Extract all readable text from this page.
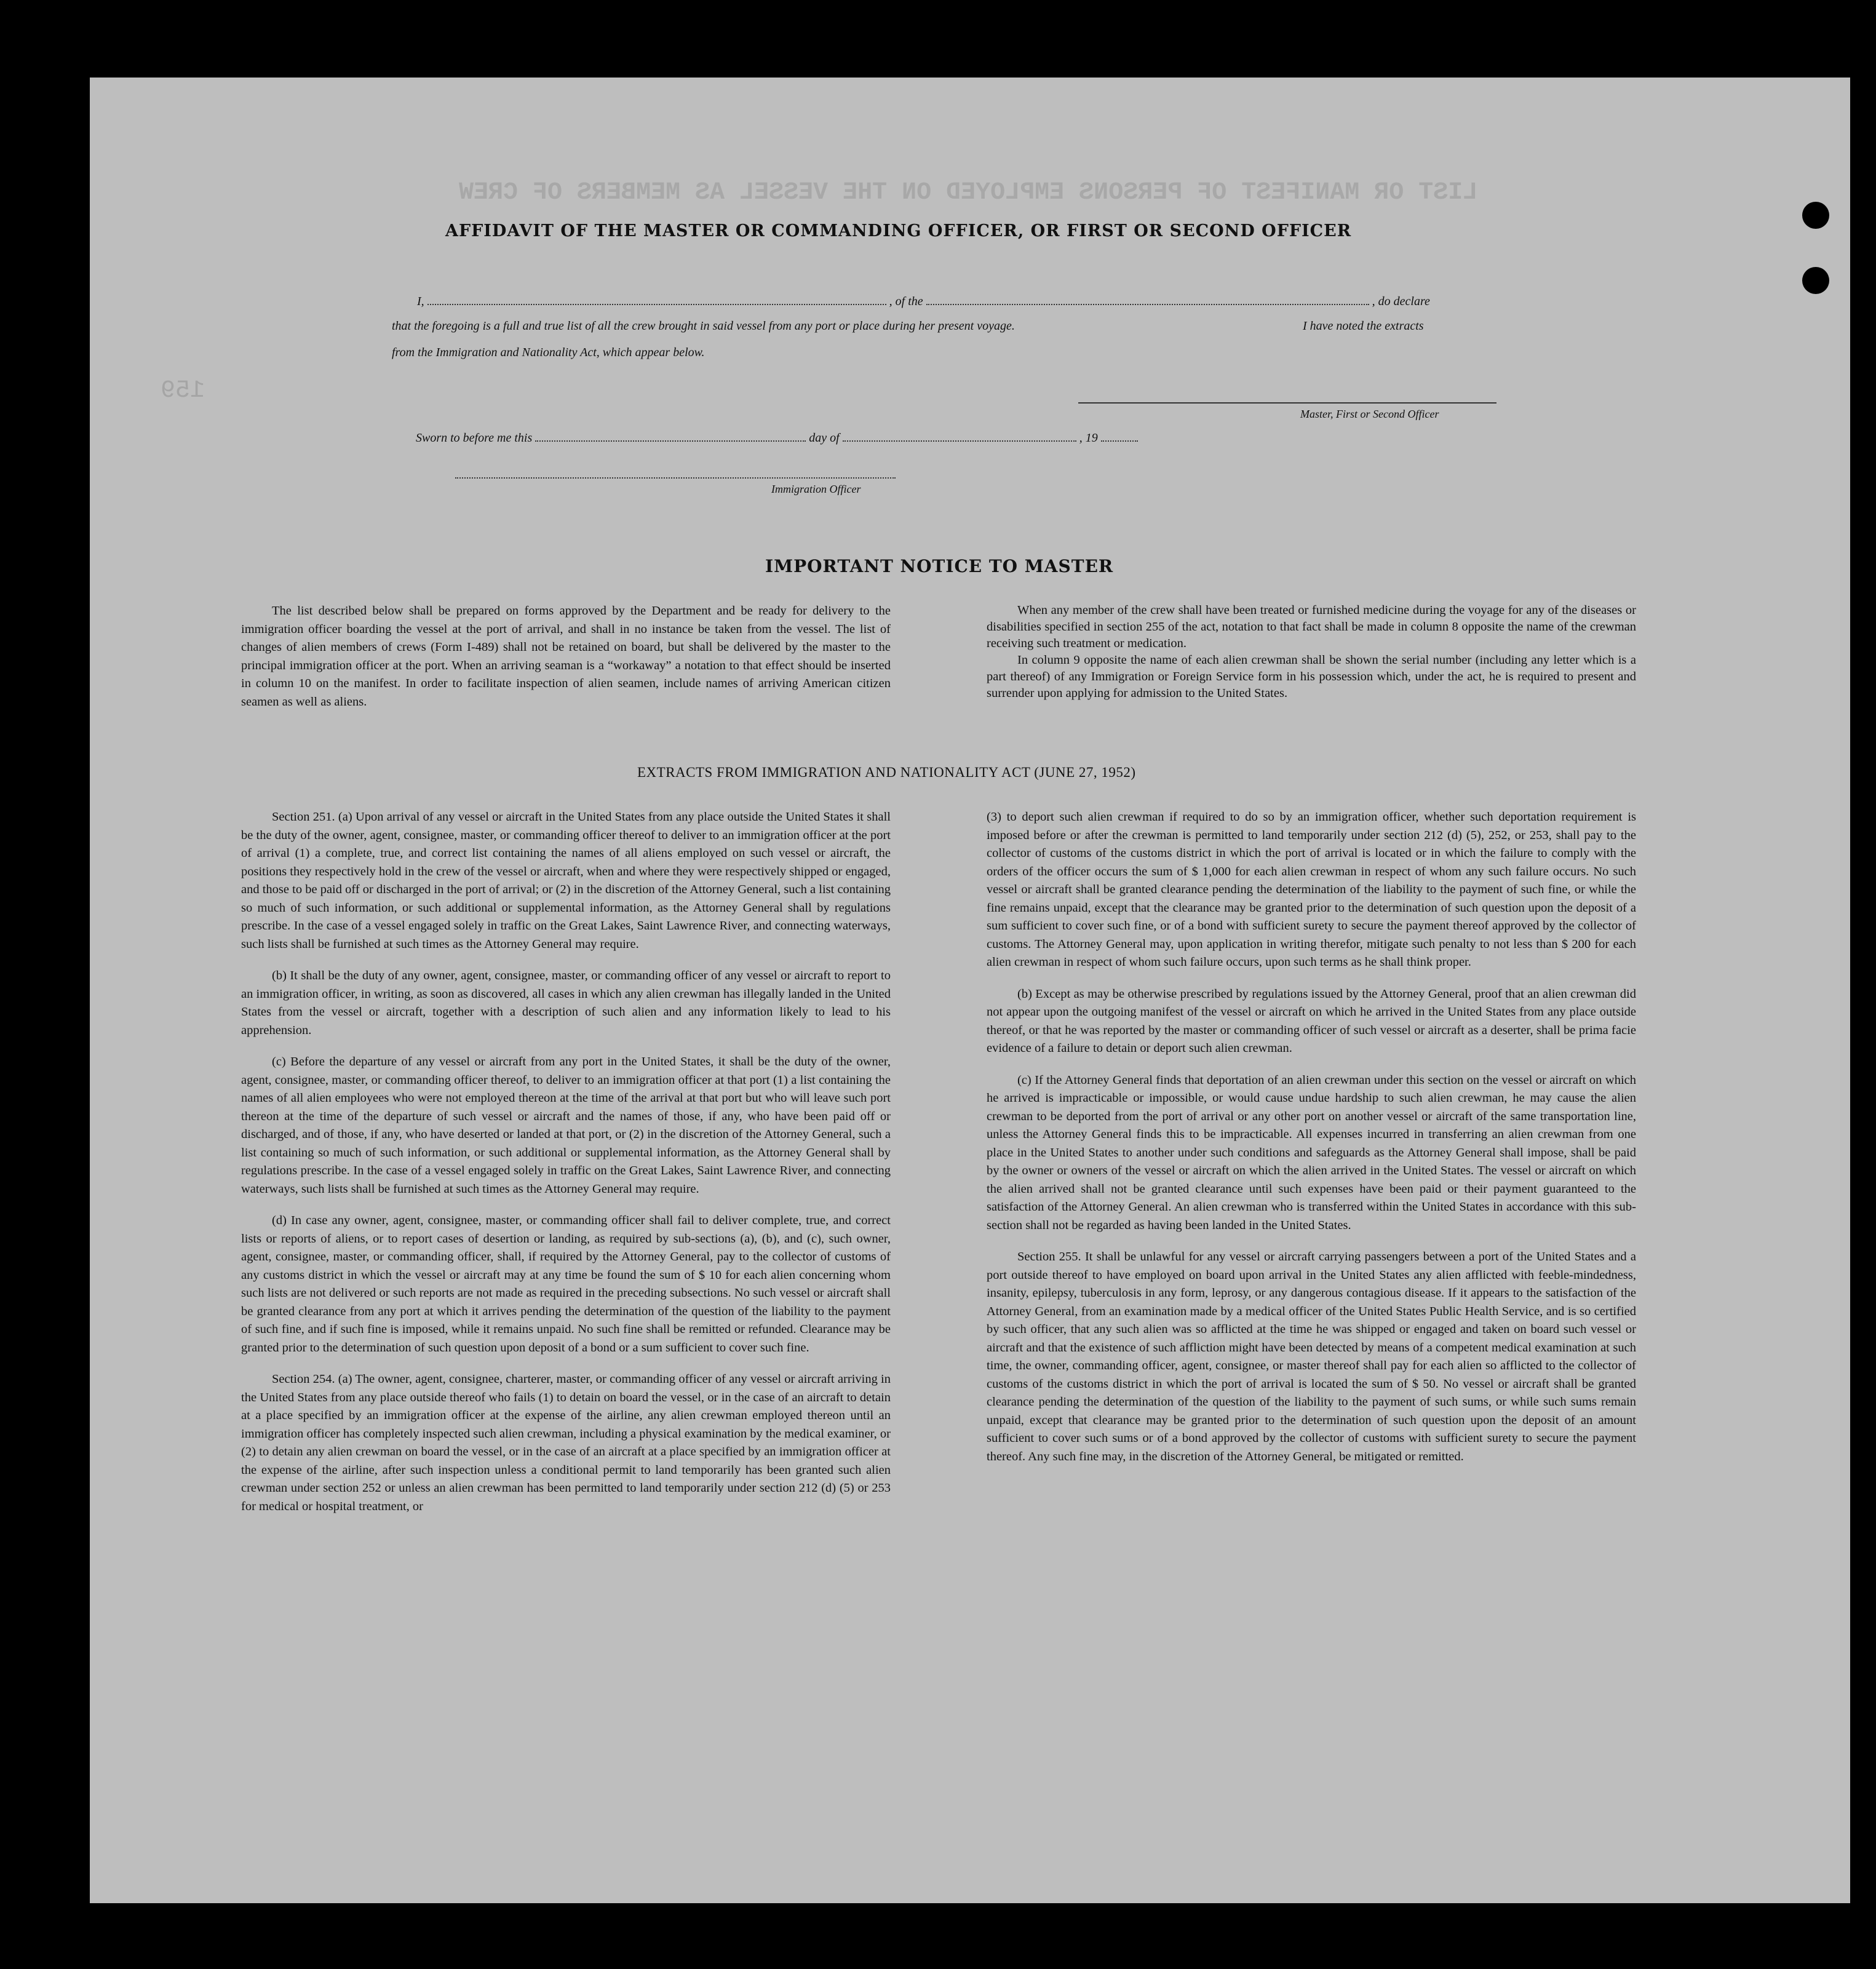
LIST OR MANIFEST OF PERSONS EMPLOYED ON THE VESSEL AS MEMBERS OF CREW
159
AFFIDAVIT OF THE MASTER OR COMMANDING OFFICER, OR FIRST OR SECOND OFFICER
I,	, of the	, do declare
that the foregoing is a full and true list of all the crew brought in said vessel from any port or place during her present voyage.	I have noted the extracts
from the Immigration and Nationality Act, which appear below.
Master, First or Second Officer
Sworn to before me this	day of	, 19
Immigration Officer
IMPORTANT NOTICE TO MASTER

The list described below shall be prepared on forms approved by the Department and be ready for delivery to the immigration officer boarding the vessel at the port of arrival, and shall in no instance be taken from the vessel. The list of changes of alien members of crews (Form I-489) shall not be retained on board, but shall be delivered by the master to the principal immigration officer at the port. When an arriving seaman is a “workaway” a notation to that effect should be inserted in column 10 on the manifest. In order to facilitate inspection of alien seamen, include names of arriving American citizen seamen as well as aliens.

When any member of the crew shall have been treated or furnished medicine during the voyage for any of the diseases or disabilities specified in section 255 of the act, notation to that fact shall be made in column 8 opposite the name of the crewman receiving such treatment or medication.

In column 9 opposite the name of each alien crewman shall be shown the serial number (including any letter which is a part thereof) of any Immigration or Foreign Service form in his possession which, under the act, he is required to present and surrender upon applying for admission to the United States.

EXTRACTS FROM IMMIGRATION AND NATIONALITY ACT (JUNE 27, 1952)

Section 251. (a) Upon arrival of any vessel or aircraft in the United States from any place outside the United States it shall be the duty of the owner, agent, consignee, master, or commanding officer thereof to deliver to an immigration officer at the port of arrival (1) a complete, true, and correct list containing the names of all aliens employed on such vessel or aircraft, the positions they respectively hold in the crew of the vessel or aircraft, when and where they were respectively shipped or engaged, and those to be paid off or discharged in the port of arrival; or (2) in the discretion of the Attorney General, such a list containing so much of such information, or such additional or supplemental information, as the Attorney General shall by regulations prescribe. In the case of a vessel engaged solely in traffic on the Great Lakes, Saint Lawrence River, and connecting waterways, such lists shall be furnished at such times as the Attorney General may require.

(b) It shall be the duty of any owner, agent, consignee, master, or commanding officer of any vessel or aircraft to report to an immigration officer, in writing, as soon as discovered, all cases in which any alien crewman has illegally landed in the United States from the vessel or aircraft, together with a description of such alien and any information likely to lead to his apprehension.

(c) Before the departure of any vessel or aircraft from any port in the United States, it shall be the duty of the owner, agent, consignee, master, or commanding officer thereof, to deliver to an immigration officer at that port (1) a list containing the names of all alien employees who were not employed thereon at the time of the arrival at that port but who will leave such port thereon at the time of the departure of such vessel or aircraft and the names of those, if any, who have been paid off or discharged, and of those, if any, who have deserted or landed at that port, or (2) in the discretion of the Attorney General, such a list containing so much of such information, or such additional or supplemental information, as the Attorney General shall by regulations prescribe. In the case of a vessel engaged solely in traffic on the Great Lakes, Saint Lawrence River, and connecting waterways, such lists shall be furnished at such times as the Attorney General may require.

(d) In case any owner, agent, consignee, master, or commanding officer shall fail to deliver complete, true, and correct lists or reports of aliens, or to report cases of desertion or landing, as required by sub-sections (a), (b), and (c), such owner, agent, consignee, master, or commanding officer, shall, if required by the Attorney General, pay to the collector of customs of any customs district in which the vessel or aircraft may at any time be found the sum of $ 10 for each alien concerning whom such lists are not delivered or such reports are not made as required in the preceding subsections. No such vessel or aircraft shall be granted clearance from any port at which it arrives pending the determination of the question of the liability to the payment of such fine, and if such fine is imposed, while it remains unpaid. No such fine shall be remitted or refunded. Clearance may be granted prior to the determination of such question upon deposit of a bond or a sum sufficient to cover such fine.

Section 254. (a) The owner, agent, consignee, charterer, master, or commanding officer of any vessel or aircraft arriving in the United States from any place outside thereof who fails (1) to detain on board the vessel, or in the case of an aircraft to detain at a place specified by an immigration officer at the expense of the airline, any alien crewman employed thereon until an immigration officer has completely inspected such alien crewman, including a physical examination by the medical examiner, or (2) to detain any alien crewman on board the vessel, or in the case of an aircraft at a place specified by an immigration officer at the expense of the airline, after such inspection unless a conditional permit to land temporarily has been granted such alien crewman under section 252 or unless an alien crewman has been permitted to land temporarily under section 212 (d) (5) or 253 for medical or hospital treatment, or

(3) to deport such alien crewman if required to do so by an immigration officer, whether such deportation requirement is imposed before or after the crewman is permitted to land temporarily under section 212 (d) (5), 252, or 253, shall pay to the collector of customs of the customs district in which the port of arrival is located or in which the failure to comply with the orders of the officer occurs the sum of $ 1,000 for each alien crewman in respect of whom any such failure occurs. No such vessel or aircraft shall be granted clearance pending the determination of the liability to the payment of such fine, or while the fine remains unpaid, except that the clearance may be granted prior to the determination of such question upon the deposit of a sum sufficient to cover such fine, or of a bond with sufficient surety to secure the payment thereof approved by the collector of customs. The Attorney General may, upon application in writing therefor, mitigate such penalty to not less than $ 200 for each alien crewman in respect of whom such failure occurs, upon such terms as he shall think proper.

(b) Except as may be otherwise prescribed by regulations issued by the Attorney General, proof that an alien crewman did not appear upon the outgoing manifest of the vessel or aircraft on which he arrived in the United States from any place outside thereof, or that he was reported by the master or commanding officer of such vessel or aircraft as a deserter, shall be prima facie evidence of a failure to detain or deport such alien crewman.

(c) If the Attorney General finds that deportation of an alien crewman under this section on the vessel or aircraft on which he arrived is impracticable or impossible, or would cause undue hardship to such alien crewman, he may cause the alien crewman to be deported from the port of arrival or any other port on another vessel or aircraft of the same transportation line, unless the Attorney General finds this to be impracticable. All expenses incurred in transferring an alien crewman from one place in the United States to another under such conditions and safeguards as the Attorney General shall impose, shall be paid by the owner or owners of the vessel or aircraft on which the alien arrived in the United States. The vessel or aircraft on which the alien arrived shall not be granted clearance until such expenses have been paid or their payment guaranteed to the satisfaction of the Attorney General. An alien crewman who is transferred within the United States in accordance with this sub-section shall not be regarded as having been landed in the United States.

Section 255. It shall be unlawful for any vessel or aircraft carrying passengers between a port of the United States and a port outside thereof to have employed on board upon arrival in the United States any alien afflicted with feeble-mindedness, insanity, epilepsy, tuberculosis in any form, leprosy, or any dangerous contagious disease. If it appears to the satisfaction of the Attorney General, from an examination made by a medical officer of the United States Public Health Service, and is so certified by such officer, that any such alien was so afflicted at the time he was shipped or engaged and taken on board such vessel or aircraft and that the existence of such affliction might have been detected by means of a competent medical examination at such time, the owner, commanding officer, agent, consignee, or master thereof shall pay for each alien so afflicted to the collector of customs of the customs district in which the port of arrival is located the sum of $ 50. No vessel or aircraft shall be granted clearance pending the determination of the question of the liability to the payment of such sums, or while such sums remain unpaid, except that clearance may be granted prior to the determination of such question upon the deposit of an amount sufficient to cover such sums or of a bond approved by the collector of customs with sufficient surety to secure the payment thereof. Any such fine may, in the discretion of the Attorney General, be mitigated or remitted.
